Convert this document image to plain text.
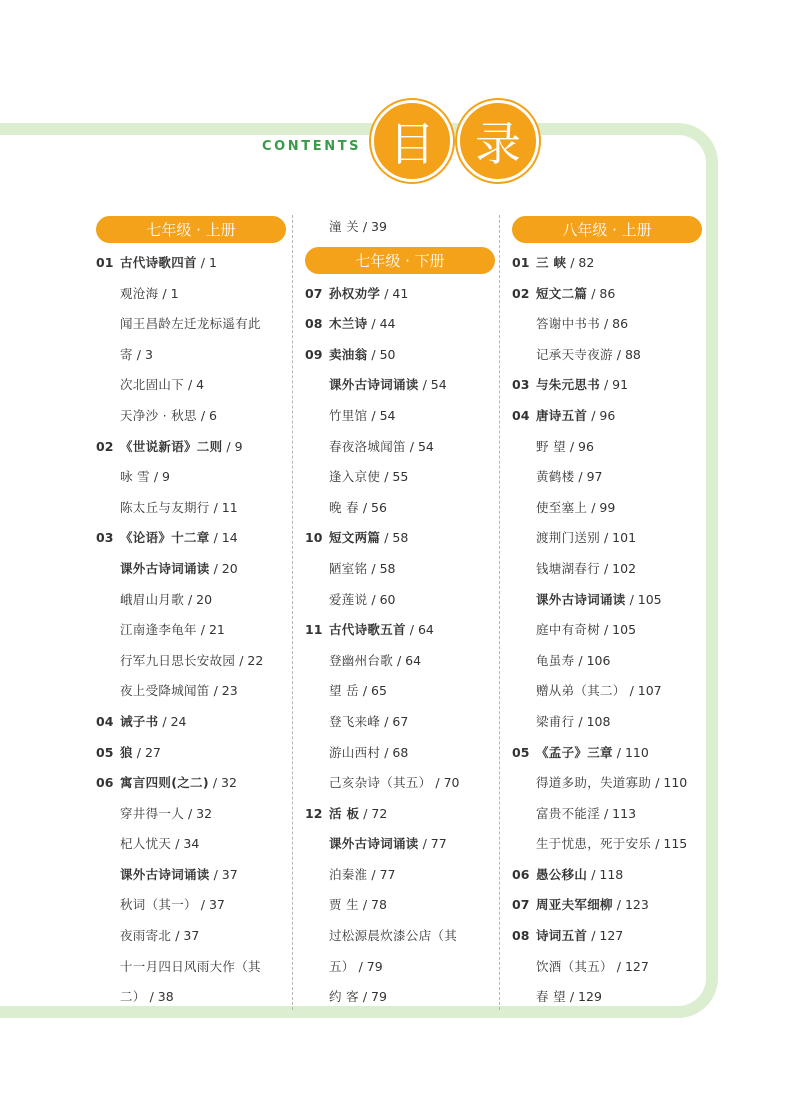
CONTENTS 目 录
七年级 · 上册
01 古代诗歌四首 / 1
观沧海 / 1
闻王昌龄左迁龙标遥有此
寄 / 3
次北固山下 / 4
天净沙 · 秋思 / 6
02 《世说新语》二则 / 9
咏 雪 / 9
陈太丘与友期行 / 11
03 《论语》十二章 / 14
课外古诗词诵读 / 20
峨眉山月歌 / 20
江南逢李龟年 / 21
行军九日思长安故园 / 22
夜上受降城闻笛 / 23
04 诫子书 / 24
05 狼 / 27
06 寓言四则(之二) / 32
穿井得一人 / 32
杞人忧天 / 34
课外古诗词诵读 / 37
秋词（其一） / 37
夜雨寄北 / 37
十一月四日风雨大作（其
二） / 38
潼 关 / 39
七年级 · 下册
07 孙权劝学 / 41
08 木兰诗 / 44
09 卖油翁 / 50
课外古诗词诵读 / 54
竹里馆 / 54
春夜洛城闻笛 / 54
逢入京使 / 55
晚 春 / 56
10 短文两篇 / 58
陋室铭 / 58
爱莲说 / 60
11 古代诗歌五首 / 64
登幽州台歌 / 64
望 岳 / 65
登飞来峰 / 67
游山西村 / 68
己亥杂诗（其五） / 70
12 活 板 / 72
课外古诗词诵读 / 77
泊秦淮 / 77
贾 生 / 78
过松源晨炊漆公店（其
五） / 79
约 客 / 79
八年级 · 上册
01 三 峡 / 82
02 短文二篇 / 86
答谢中书书 / 86
记承天寺夜游 / 88
03 与朱元思书 / 91
04 唐诗五首 / 96
野 望 / 96
黄鹤楼 / 97
使至塞上 / 99
渡荆门送别 / 101
钱塘湖春行 / 102
课外古诗词诵读 / 105
庭中有奇树 / 105
龟虽寿 / 106
赠从弟（其二） / 107
梁甫行 / 108
05 《孟子》三章 / 110
得道多助，失道寡助 / 110
富贵不能淫 / 113
生于忧患，死于安乐 / 115
06 愚公移山 / 118
07 周亚夫军细柳 / 123
08 诗词五首 / 127
饮酒（其五） / 127
春 望 / 129
